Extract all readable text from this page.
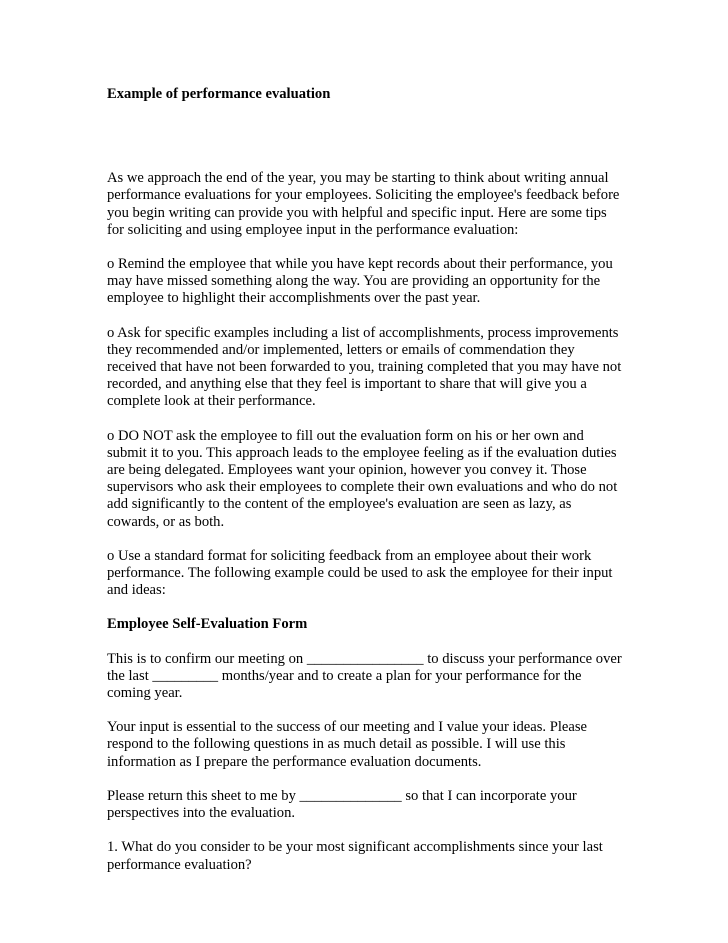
Example of performance evaluation

As we approach the end of the year, you may be starting to think about writing annual performance evaluations for your employees. Soliciting the employee's feedback before you begin writing can provide you with helpful and specific input. Here are some tips for soliciting and using employee input in the performance evaluation:

o Remind the employee that while you have kept records about their performance, you may have missed something along the way. You are providing an opportunity for the employee to highlight their accomplishments over the past year.

o Ask for specific examples including a list of accomplishments, process improvements they recommended and/or implemented, letters or emails of commendation they received that have not been forwarded to you, training completed that you may have not recorded, and anything else that they feel is important to share that will give you a complete look at their performance.

o DO NOT ask the employee to fill out the evaluation form on his or her own and submit it to you. This approach leads to the employee feeling as if the evaluation duties are being delegated. Employees want your opinion, however you convey it. Those supervisors who ask their employees to complete their own evaluations and who do not add significantly to the content of the employee's evaluation are seen as lazy, as cowards, or as both.

o Use a standard format for soliciting feedback from an employee about their work performance. The following example could be used to ask the employee for their input and ideas:

Employee Self-Evaluation Form

This is to confirm our meeting on ________________ to discuss your performance over the last _________ months/year and to create a plan for your performance for the coming year.

Your input is essential to the success of our meeting and I value your ideas. Please respond to the following questions in as much detail as possible. I will use this information as I prepare the performance evaluation documents.

Please return this sheet to me by ______________ so that I can incorporate your perspectives into the evaluation.

1. What do you consider to be your most significant accomplishments since your last performance evaluation?
